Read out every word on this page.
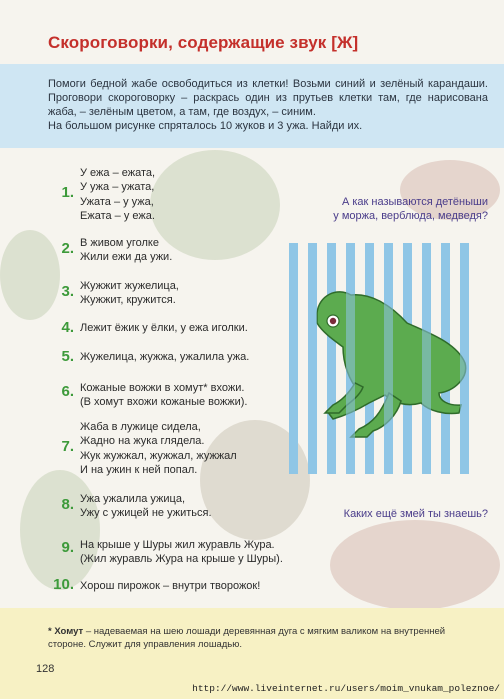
Скороговорки, содержащие звук [Ж]

Помоги бедной жабе освободиться из клетки! Возьми синий и зелёный карандаши. Проговори скороговорку – раскрась один из прутьев клетки там, где нарисована жаба, – зелёным цветом, а там, где воздух, – синим.

На большом рисунке спряталось 10 жуков и 3 ужа. Найди их.

1.
У ежа – ежата,
У ужа – ужата,
Ужата – у ужа,
Ежата – у ежа.
2. В живом уголке
Жили ежи да ужи.
3. Жужжит жужелица,
Жужжит, кружится.
4. Лежит ёжик у ёлки, у ежа иголки.
5. Жужелица, жужжа, ужалила ужа.
6. Кожаные вожжи в хомут* вхожи.
(В хомут вхожи кожаные вожжи).
7.
Жаба в лужице сидела,
Жадно на жука глядела.
Жук жужжал, жужжал, жужжал
И на ужин к ней попал.
8. Ужа ужалила ужица,
Ужу с ужицей не ужиться.
9. На крыше у Шуры жил журавль Жура.
(Жил журавль Жура на крыше у Шуры).
10. Хорош пирожок – внутри творожок!
А как называются детёныши
у моржа, верблюда, медведя?
Каких ещё змей ты знаешь?
* Хомут – надеваемая на шею лошади деревянная дуга с мягким валиком на внутренней стороне. Служит для управления лошадью.
128
http://www.liveinternet.ru/users/moim_vnukam_poleznoe/
